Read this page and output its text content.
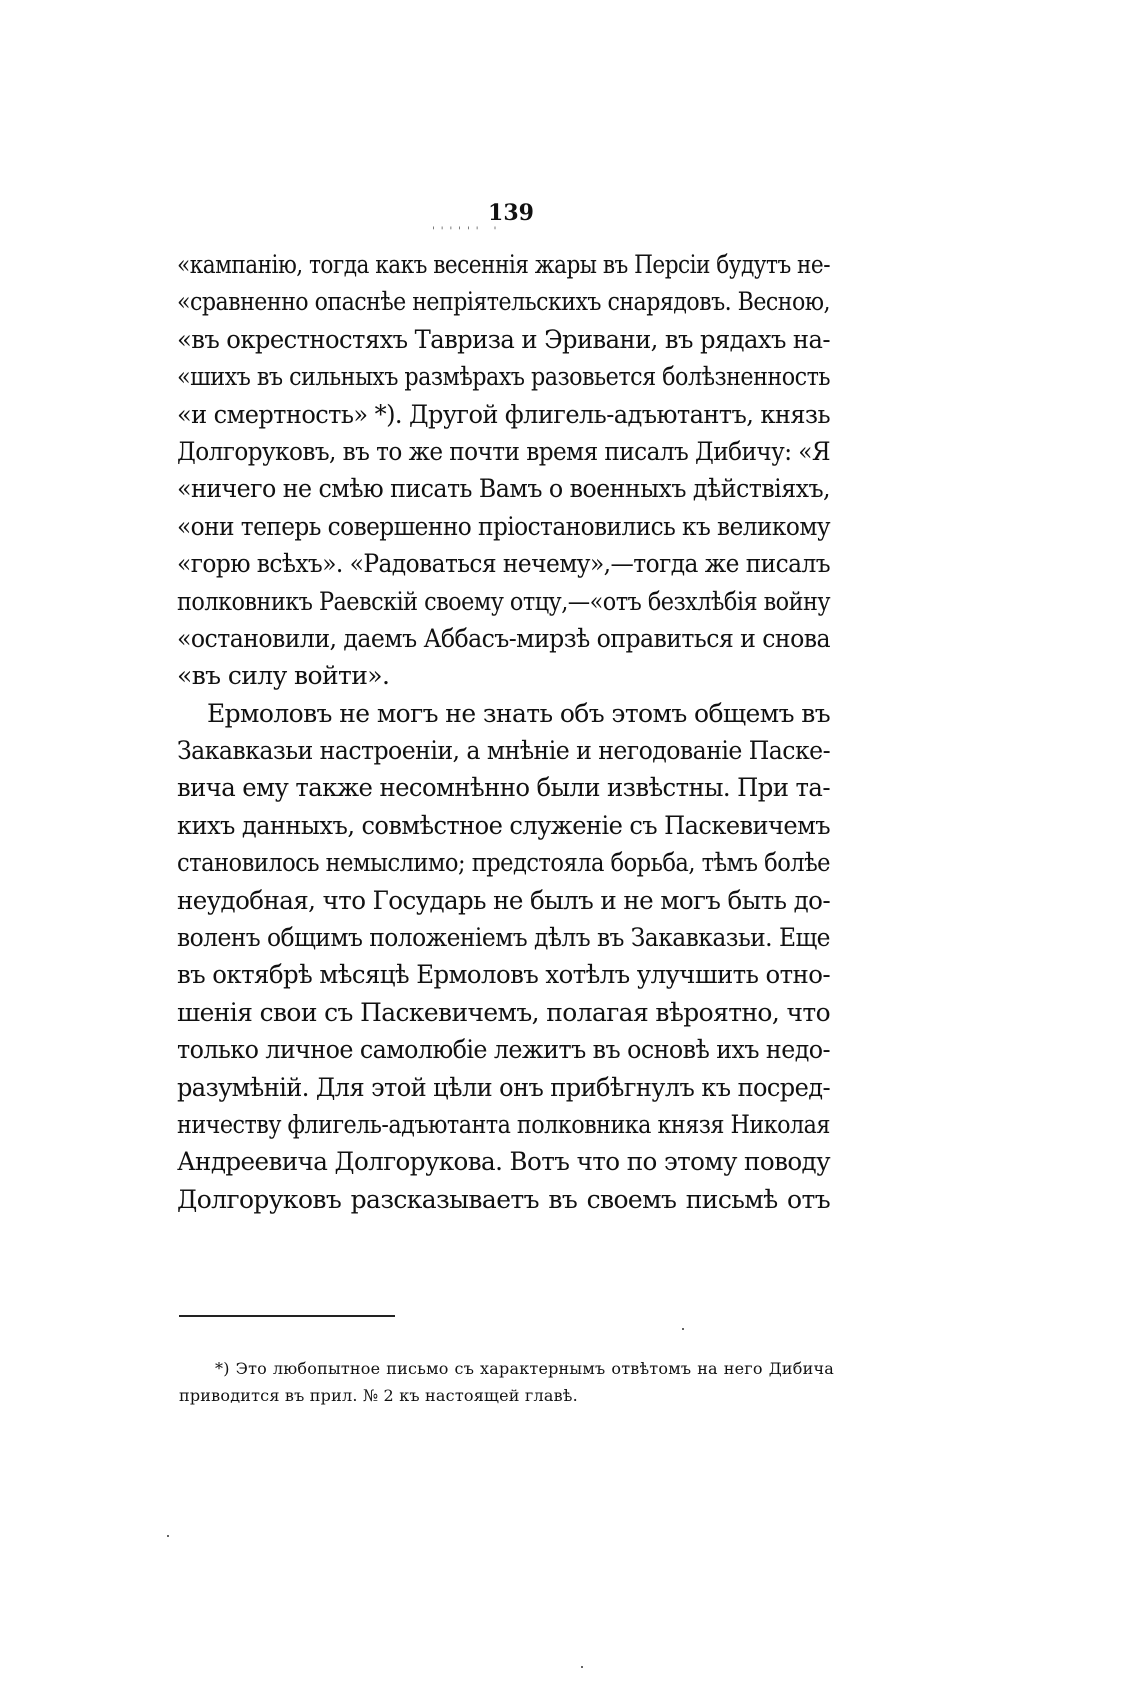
139
'''''' '
«кампанію, тогда какъ весеннія жары въ Персіи будутъ не-
«сравненно опаснѣе непріятельскихъ снарядовъ. Весною,
«въ окрестностяхъ Тавриза и Эривани, въ рядахъ на-
«шихъ въ сильныхъ размѣрахъ разовьется болѣзненность
«и смертность» *). Другой флигель-адъютантъ, князь
Долгоруковъ, въ то же почти время писалъ Дибичу: «Я
«ничего не смѣю писать Вамъ о военныхъ дѣйствіяхъ,
«они теперь совершенно пріостановились къ великому
«горю всѣхъ». «Радоваться нечему»,—тогда же писалъ
полковникъ Раевскій своему отцу,—«отъ безхлѣбія войну
«остановили, даемъ Аббасъ-мирзѣ оправиться и снова
«въ силу войти».
Ермоловъ не могъ не знать объ этомъ общемъ въ
Закавказьи настроеніи, а мнѣніе и негодованіе Паске-
вича ему также несомнѣнно были извѣстны. При та-
кихъ данныхъ, совмѣстное служеніе съ Паскевичемъ
становилось немыслимо; предстояла борьба, тѣмъ болѣе
неудобная, что Государь не былъ и не могъ быть до-
воленъ общимъ положеніемъ дѣлъ въ Закавказьи. Еще
въ октябрѣ мѣсяцѣ Ермоловъ хотѣлъ улучшить отно-
шенія свои съ Паскевичемъ, полагая вѣроятно, что
только личное самолюбіе лежитъ въ основѣ ихъ недо-
разумѣній. Для этой цѣли онъ прибѣгнулъ къ посред-
ничеству флигель-адъютанта полковника князя Николая
Андреевича Долгорукова. Вотъ что по этому поводу
Долгоруковъ разсказываетъ въ своемъ письмѣ отъ
*) Это любопытное письмо съ характернымъ отвѣтомъ на него Дибича
приводится въ прил. № 2 къ настоящей главѣ.
